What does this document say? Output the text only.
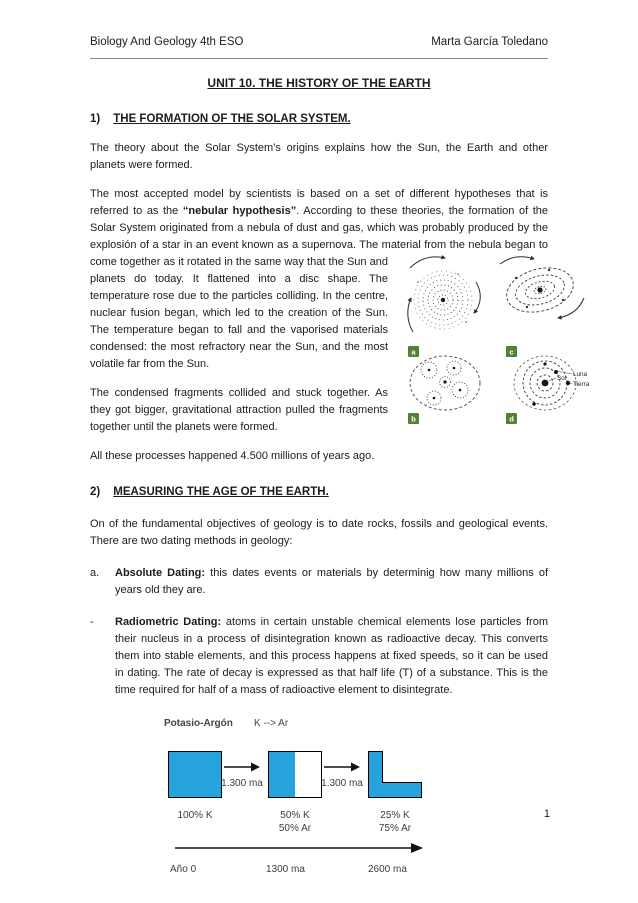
Biology And Geology 4th ESO	Marta García Toledano
UNIT 10. THE HISTORY OF THE EARTH
1) THE FORMATION OF THE SOLAR SYSTEM.

The theory about the Solar System’s origins explains how the Sun, the Earth and other planets were formed.

The most accepted model by scientists is based on a set of different hypotheses that is referred to as the “nebular hypothesis”. According to these theories, the formation of the Solar System originated from a nebula of dust and gas, which was probably produced by the explosión of a star in an event known as a supernova. The material from the nebula began to
Sol
Luna
Tierra
a	c
b	d
come together as it rotated in the same way that the Sun and planets do today. It flattened into a disc shape. The temperature rose due to the particles colliding. In the centre, nuclear fusion began, which led to the creation of the Sun. The temperature began to fall and the vaporised materials condensed: the most refractory near the Sun, and the most volatile far from the Sun.

The condensed fragments collided and stuck together. As they got bigger, gravitational attraction pulled the fragments together until the planets were formed.

All these processes happened 4.500 millions of years ago.

2) MEASURING THE AGE OF THE EARTH.

On of the fundamental objectives of geology is to date rocks, fossils and geological events. There are two dating methods in geology:

a. Absolute Dating: this dates events or materials by determinig how many millions of years old they are.

- Radiometric Dating: atoms in certain unstable chemical elements lose particles from their nucleus in a process of disintegration known as radioactive decay. This converts them into stable elements, and this process happens at fixed speeds, so it can be used in dating. The rate of decay is expressed as that half life (T) of a substance. This is the time required for half of a mass of radioactive element to disintegrate.

Potasio-Argón K --> Ar
1.300 ma	1.300 ma
100% K	50% K
50% Ar
25% K
75% Ar
Año 0	1300 ma	2600 ma
1
